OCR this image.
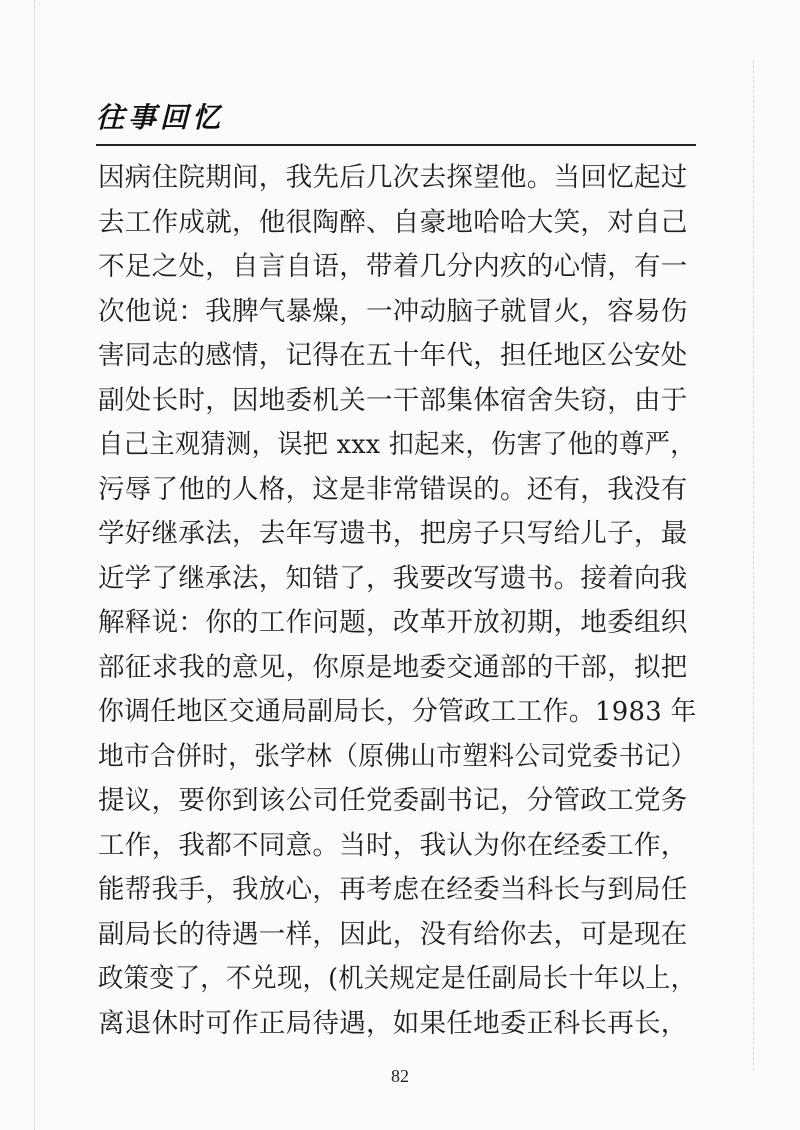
往事回忆
因病住院期间，我先后几次去探望他。当回忆起过
去工作成就，他很陶醉、自豪地哈哈大笑，对自己
不足之处，自言自语，带着几分内疚的心情，有一
次他说：我脾气暴燥，一冲动脑子就冒火，容易伤
害同志的感情，记得在五十年代，担任地区公安处
副处长时，因地委机关一干部集体宿舍失窃，由于
自己主观猜测，误把 xxx 扣起来，伤害了他的尊严，
污辱了他的人格，这是非常错误的。还有，我没有
学好继承法，去年写遗书，把房子只写给儿子，最
近学了继承法，知错了，我要改写遗书。接着向我
解释说：你的工作问题，改革开放初期，地委组织
部征求我的意见，你原是地委交通部的干部，拟把
你调任地区交通局副局长，分管政工工作。1983 年
地市合併时，张学林（原佛山市塑料公司党委书记）
提议，要你到该公司任党委副书记，分管政工党务
工作，我都不同意。当时，我认为你在经委工作，
能帮我手，我放心，再考虑在经委当科长与到局任
副局长的待遇一样，因此，没有给你去，可是现在
政策变了，不兑现，(机关规定是任副局长十年以上，
离退休时可作正局待遇，如果任地委正科长再长，
82
